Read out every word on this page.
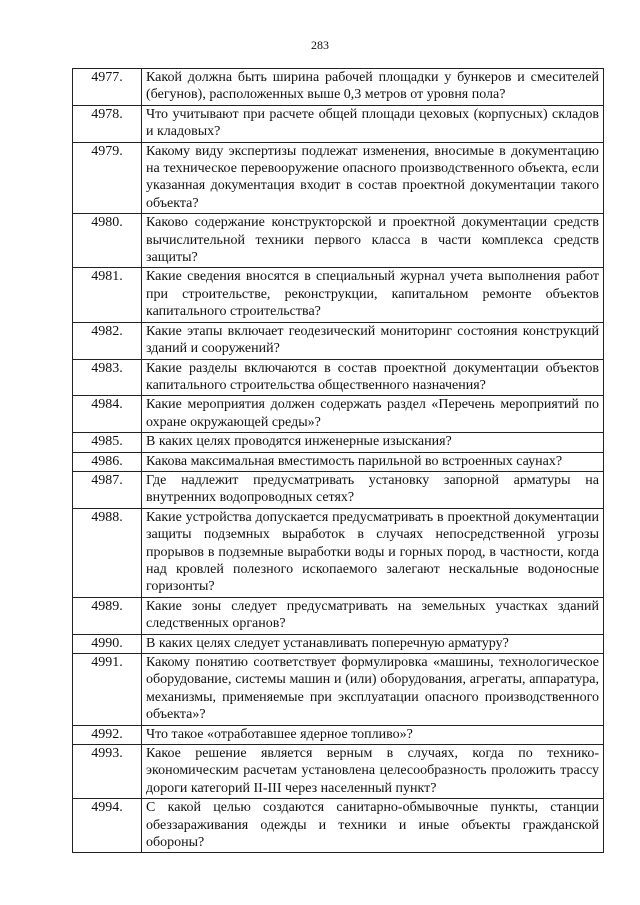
283
4977.	Какой должна быть ширина рабочей площадки у бункеров и смесителей (бегунов), расположенных выше 0,3 метров от уровня пола?
4978.	Что учитывают при расчете общей площади цеховых (корпусных) складов и кладовых?
4979.	Какому виду экспертизы подлежат изменения, вносимые в документацию на техническое перевооружение опасного производственного объекта, если указанная документация входит в состав проектной документации такого объекта?
4980.	Каково содержание конструкторской и проектной документации средств вычислительной техники первого класса в части комплекса средств защиты?
4981.	Какие сведения вносятся в специальный журнал учета выполнения работ при строительстве, реконструкции, капитальном ремонте объектов капитального строительства?
4982.	Какие этапы включает геодезический мониторинг состояния конструкций зданий и сооружений?
4983.	Какие разделы включаются в состав проектной документации объектов капитального строительства общественного назначения?
4984.	Какие мероприятия должен содержать раздел «Перечень мероприятий по охране окружающей среды»?
4985.	В каких целях проводятся инженерные изыскания?
4986.	Какова максимальная вместимость парильной во встроенных саунах?
4987.	Где надлежит предусматривать установку запорной арматуры на внутренних водопроводных сетях?
4988.	Какие устройства допускается предусматривать в проектной документации защиты подземных выработок в случаях непосредственной угрозы прорывов в подземные выработки воды и горных пород, в частности, когда над кровлей полезного ископаемого залегают нескальные водоносные горизонты?
4989.	Какие зоны следует предусматривать на земельных участках зданий следственных органов?
4990.	В каких целях следует устанавливать поперечную арматуру?
4991.	Какому понятию соответствует формулировка «машины, технологическое оборудование, системы машин и (или) оборудования, агрегаты, аппаратура, механизмы, применяемые при эксплуатации опасного производственного объекта»?
4992.	Что такое «отработавшее ядерное топливо»?
4993.	Какое решение является верным в случаях, когда по технико-экономическим расчетам установлена целесообразность проложить трассу дороги категорий II-III через населенный пункт?
4994.	С какой целью создаются санитарно-обмывочные пункты, станции обеззараживания одежды и техники и иные объекты гражданской обороны?
